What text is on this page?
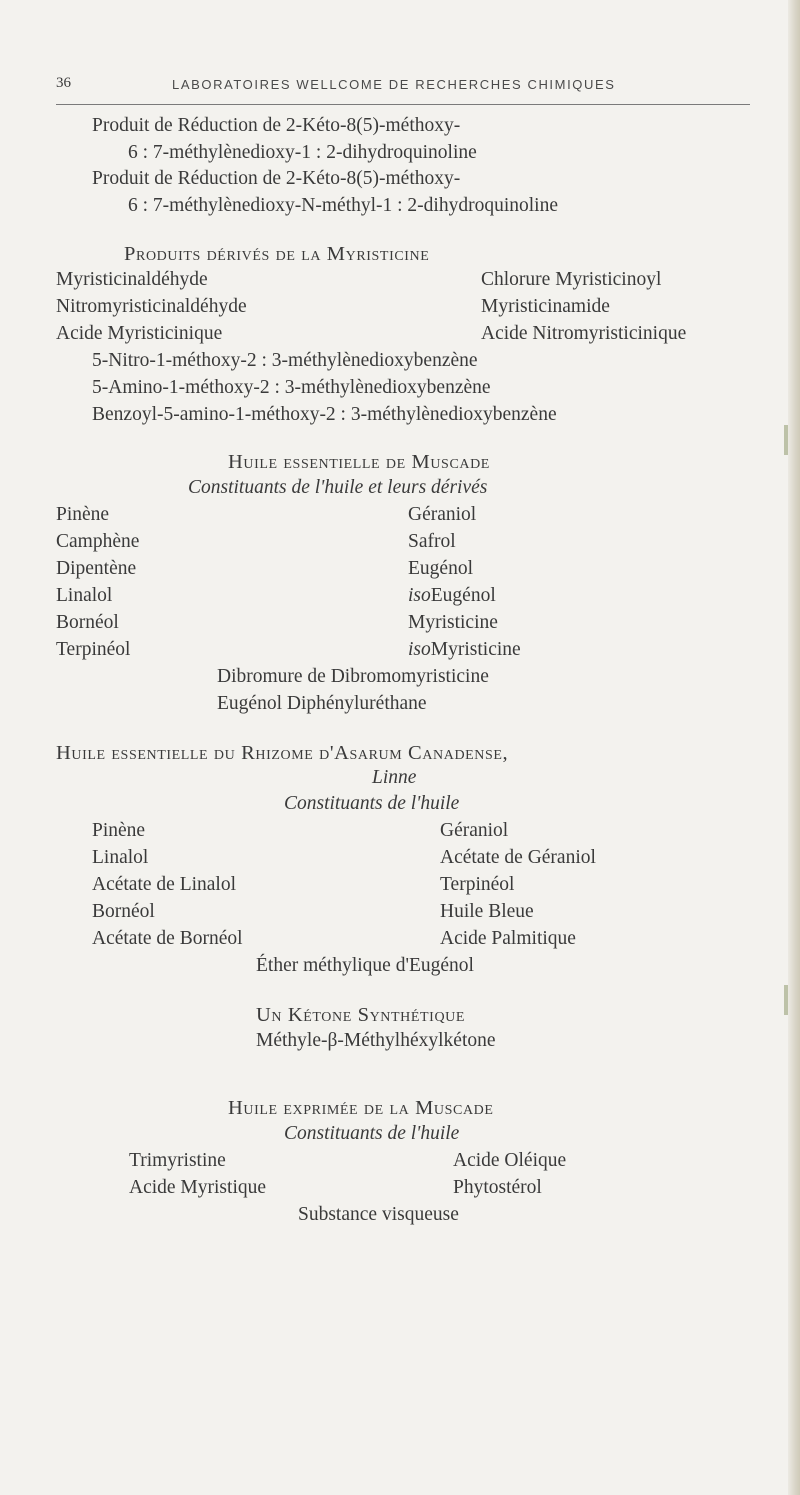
36	LABORATOIRES WELLCOME DE RECHERCHES CHIMIQUES
Produit de Réduction de 2-Kéto-8(5)-méthoxy-
6 : 7-méthylènedioxy-1 : 2-dihydroquinoline
Produit de Réduction de 2-Kéto-8(5)-méthoxy-
6 : 7-méthylènedioxy-N-méthyl-1 : 2-dihydroquinoline
Produits dérivés de la Myristicine
Myristicinaldéhyde
Nitromyristicinaldéhyde
Acide Myristicinique
Chlorure Myristicinoyl
Myristicinamide
Acide Nitromyristicinique
5-Nitro-1-méthoxy-2 : 3-méthylènedioxybenzène
5-Amino-1-méthoxy-2 : 3-méthylènedioxybenzène
Benzoyl-5-amino-1-méthoxy-2 : 3-méthylènedioxybenzène
Huile essentielle de Muscade
Constituants de l'huile et leurs dérivés
Pinène
Camphène
Dipentène
Linalol
Bornéol
Terpinéol
Géraniol
Safrol
Eugénol
isoEugénol
Myristicine
isoMyristicine
Dibromure de Dibromomyristicine
Eugénol Diphényluréthane
Huile essentielle du Rhizome d'Asarum Canadense,
Linne
Constituants de l'huile
Pinène
Linalol
Acétate de Linalol
Bornéol
Acétate de Bornéol
Géraniol
Acétate de Géraniol
Terpinéol
Huile Bleue
Acide Palmitique
Éther méthylique d'Eugénol
Un Kétone Synthétique
Méthyle-β-Méthylhéxylkétone
Huile exprimée de la Muscade
Constituants de l'huile
Trimyristine
Acide Myristique
Acide Oléique
Phytostérol
Substance visqueuse
